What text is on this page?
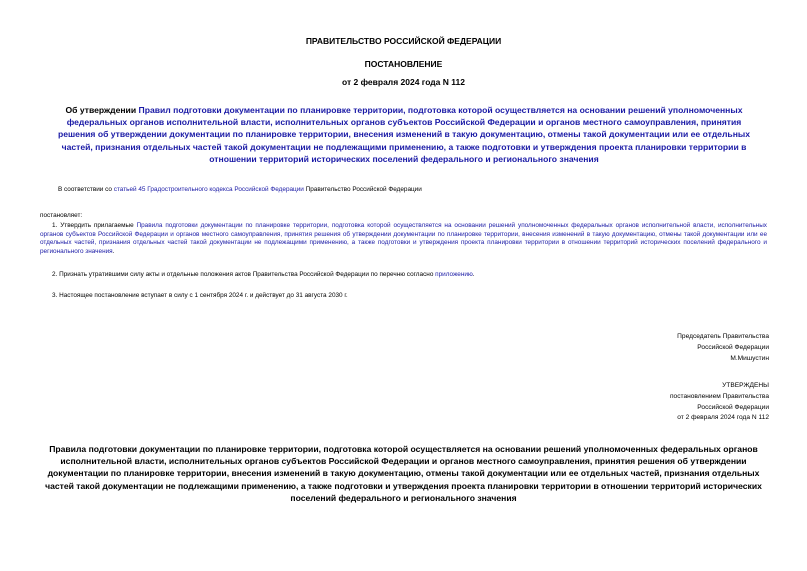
ПРАВИТЕЛЬСТВО РОССИЙСКОЙ ФЕДЕРАЦИИ
ПОСТАНОВЛЕНИЕ
от 2 февраля 2024 года N 112
Об утверждении Правил подготовки документации по планировке территории, подготовка которой осуществляется на основании решений уполномоченных федеральных органов исполнительной власти, исполнительных органов субъектов Российской Федерации и органов местного самоуправления, принятия решения об утверждении документации по планировке территории, внесения изменений в такую документацию, отмены такой документации или ее отдельных частей, признания отдельных частей такой документации не подлежащими применению, а также подготовки и утверждения проекта планировки территории в отношении территорий исторических поселений федерального и регионального значения
В соответствии со статьей 45 Градостроительного кодекса Российской Федерации Правительство Российской Федерации
постановляет:
1. Утвердить прилагаемые Правила подготовки документации по планировке территории, подготовка которой осуществляется на основании решений уполномоченных федеральных органов исполнительной власти, исполнительных органов субъектов Российской Федерации и органов местного самоуправления, принятия решения об утверждении документации по планировке территории, внесения изменений в такую документацию, отмены такой документации или ее отдельных частей, признания отдельных частей такой документации не подлежащими применению, а также подготовки и утверждения проекта планировки территории в отношении территорий исторических поселений федерального и регионального значения.
2. Признать утратившими силу акты и отдельные положения актов Правительства Российской Федерации по перечню согласно приложению.
3. Настоящее постановление вступает в силу с 1 сентября 2024 г. и действует до 31 августа 2030 г.
Председатель Правительства
Российской Федерации
М.Мишустин
УТВЕРЖДЕНЫ
постановлением Правительства
Российской Федерации
от 2 февраля 2024 года N 112
Правила подготовки документации по планировке территории, подготовка которой осуществляется на основании решений уполномоченных федеральных органов исполнительной власти, исполнительных органов субъектов Российской Федерации и органов местного самоуправления, принятия решения об утверждении документации по планировке территории, внесения изменений в такую документацию, отмены такой документации или ее отдельных частей, признания отдельных частей такой документации не подлежащими применению, а также подготовки и утверждения проекта планировки территории в отношении территорий исторических поселений федерального и регионального значения
